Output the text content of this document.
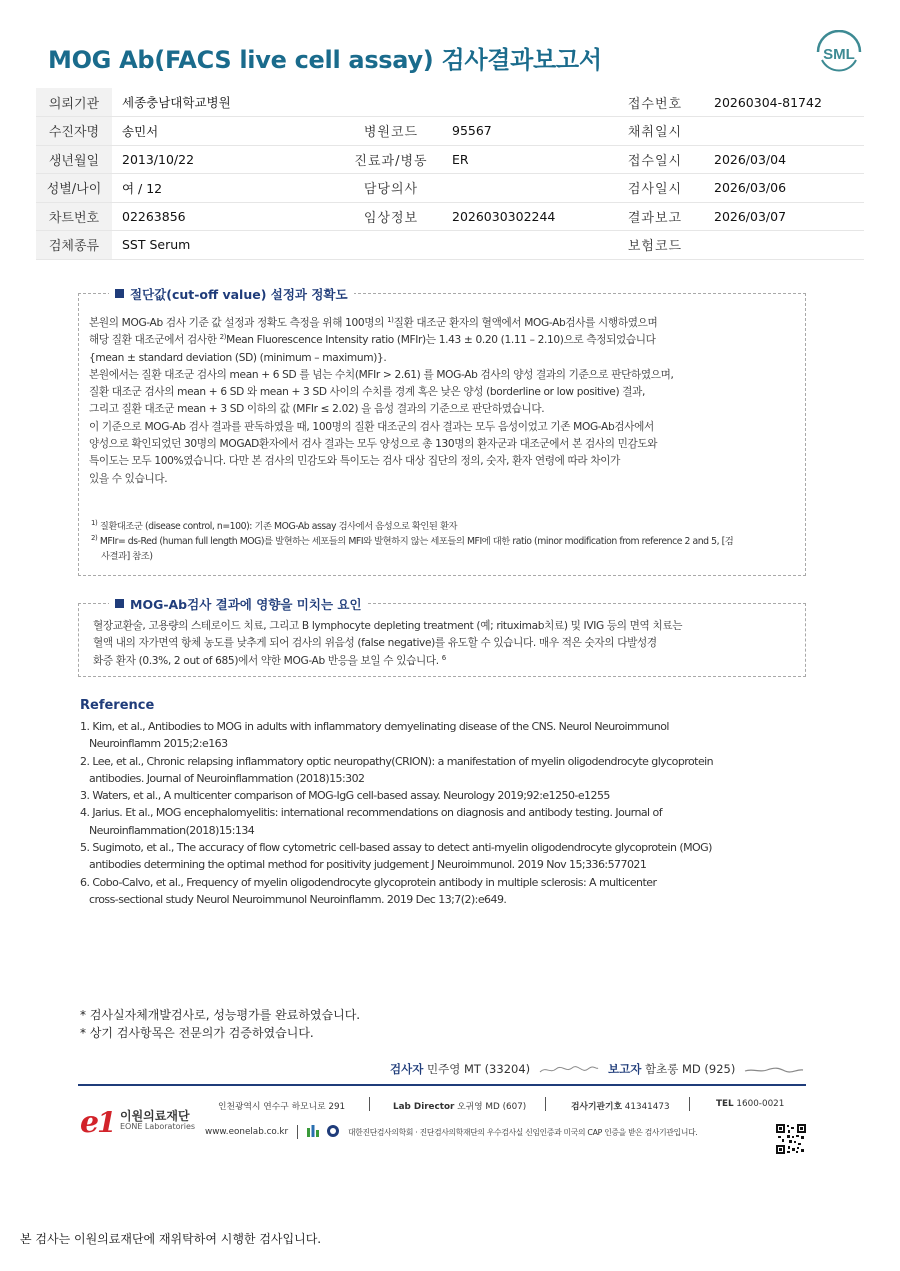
MOG Ab(FACS live cell assay) 검사결과보고서	SML
의뢰기관	세종충남대학교병원			접수번호	20260304-81742
수진자명	송민서	병원코드	95567	채취일시	
생년월일	2013/10/22	진료과/병동	ER	접수일시	2026/03/04
성별/나이	여 / 12	담당의사		검사일시	2026/03/06
차트번호	02263856	임상정보	2026030302244	결과보고	2026/03/07
검체종류	SST Serum			보험코드	
절단값(cut-off value) 설정과 정확도

본원의 MOG-Ab 검사 기준 값 설정과 정확도 측정을 위해 100명의 $^{1)}$질환 대조군 환자의 혈액에서 MOG-Ab검사를 시행하였으며

해당 질환 대조군에서 검사한 $^{2)}$Mean Fluorescence Intensity ratio (MFIr)는 1.43 ± 0.20 (1.11 – 2.10)으로 측정되었습니다

{mean ± standard deviation (SD) (minimum – maximum)}.

본원에서는 질환 대조군 검사의 mean + 6 SD 를 넘는 수치(MFIr > 2.61) 를 MOG-Ab 검사의 양성 결과의 기준으로 판단하였으며,

질환 대조군 검사의 mean + 6 SD 와 mean + 3 SD 사이의 수치를 경계 혹은 낮은 양성 (borderline or low positive) 결과,

그리고 질환 대조군 mean + 3 SD 이하의 값 (MFIr ≤ 2.02) 을 음성 결과의 기준으로 판단하였습니다.

이 기준으로 MOG-Ab 검사 결과를 판독하였을 때, 100명의 질환 대조군의 검사 결과는 모두 음성이었고 기존 MOG-Ab검사에서

양성으로 확인되었던 30명의 MOGAD환자에서 검사 결과는 모두 양성으로 총 130명의 환자군과 대조군에서 본 검사의 민감도와

특이도는 모두 100%였습니다. 다만 본 검사의 민감도와 특이도는 검사 대상 집단의 정의, 숫자, 환자 연령에 따라 차이가

있을 수 있습니다.

$^{1)}$ 질환대조군 (disease control, n=100): 기존 MOG-Ab assay 검사에서 음성으로 확인된 환자

$^{2)}$ MFIr= ds-Red (human full length MOG)를 발현하는 세포들의 MFI와 발현하지 않는 세포들의 MFI에 대한 ratio (minor modification from reference 2 and 5, [검

사결과] 참조)

MOG-Ab검사 결과에 영향을 미치는 요인

혈장교환술, 고용량의 스테로이드 치료, 그리고 B lymphocyte depleting treatment (예; rituximab치료) 및 IVIG 등의 면역 치료는

혈액 내의 자가면역 항체 농도를 낮추게 되어 검사의 위음성 (false negative)를 유도할 수 있습니다. 매우 적은 숫자의 다발성경

화증 환자 (0.3%, 2 out of 685)에서 약한 MOG-Ab 반응을 보일 수 있습니다. $^6$

Reference
1. Kim, et al., Antibodies to MOG in adults with inflammatory demyelinating disease of the CNS. Neurol Neuroimmunol
Neuroinflamm 2015;2:e163
2. Lee, et al., Chronic relapsing inflammatory optic neuropathy(CRION): a manifestation of myelin oligodendrocyte glycoprotein
antibodies. Journal of Neuroinflammation (2018)15:302
3. Waters, et al., A multicenter comparison of MOG-IgG cell-based assay. Neurology 2019;92:e1250-e1255
4. Jarius. Et al., MOG encephalomyelitis: international recommendations on diagnosis and antibody testing. Journal of
Neuroinflammation(2018)15:134
5. Sugimoto, et al., The accuracy of flow cytometric cell-based assay to detect anti-myelin oligodendrocyte glycoprotein (MOG)
antibodies determining the optimal method for positivity judgement J Neuroimmunol. 2019 Nov 15;336:577021
6. Cobo-Calvo, et al., Frequency of myelin oligodendrocyte glycoprotein antibody in multiple sclerosis: A multicenter
cross-sectional study Neurol Neuroimmunol Neuroinflamm. 2019 Dec 13;7(2):e649.
* 검사실자체개발검사로, 성능평가를 완료하였습니다.
* 상기 검사항목은 전문의가 검증하였습니다.
검사자 민주영 MT (33204)	보고자 함초롱 MD (925)
e
1 이원의료재단
EONE Laboratories
인천광역시 연수구 하모니로 291	Lab Director 오귀영 MD (607)	검사기관기호 41341473	TEL 1600-0021
www.eonelab.co.kr	대한진단검사의학회 · 진단검사의학재단의 우수검사실 신임인증과 미국의 CAP 인증을 받은 검사기관입니다.
본 검사는 이원의료재단에 재위탁하여 시행한 검사입니다.
